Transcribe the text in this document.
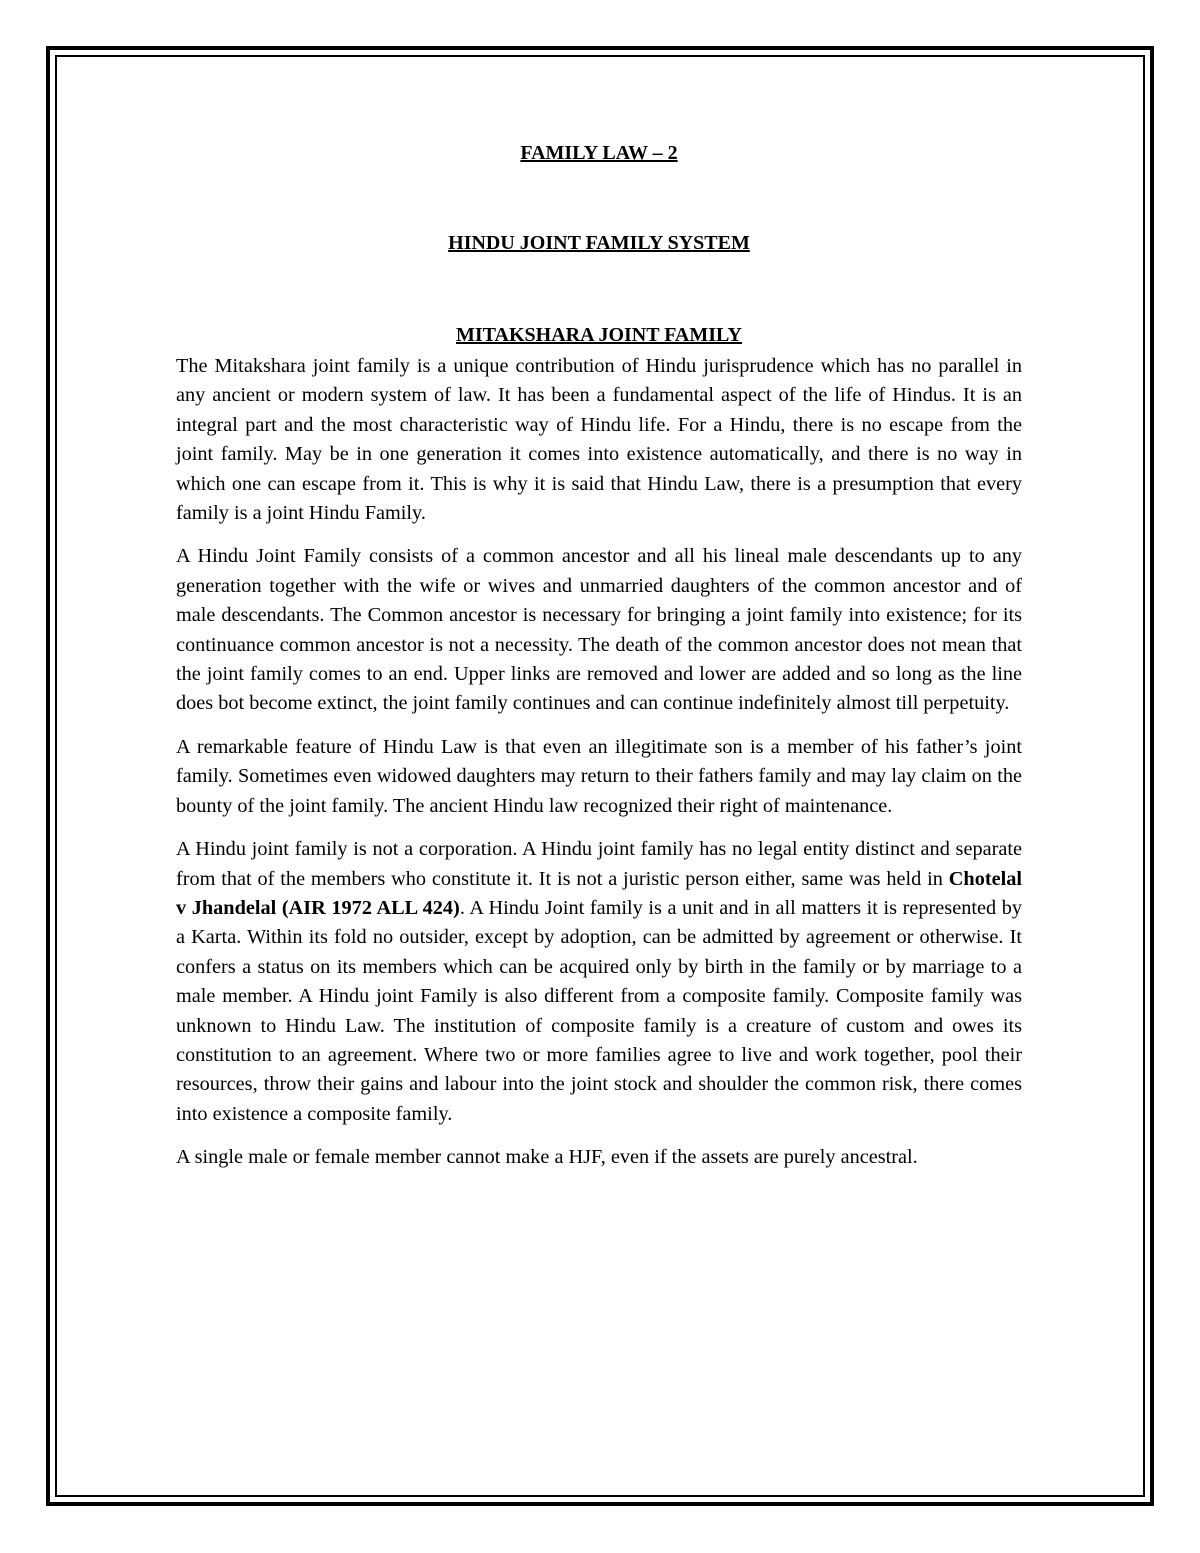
FAMILY LAW – 2

HINDU JOINT FAMILY SYSTEM

MITAKSHARA JOINT FAMILY

The Mitakshara joint family is a unique contribution of Hindu jurisprudence which has no parallel in any ancient or modern system of law. It has been a fundamental aspect of the life of Hindus. It is an integral part and the most characteristic way of Hindu life. For a Hindu, there is no escape from the joint family. May be in one generation it comes into existence automatically, and there is no way in which one can escape from it. This is why it is said that Hindu Law, there is a presumption that every family is a joint Hindu Family.

A Hindu Joint Family consists of a common ancestor and all his lineal male descendants up to any generation together with the wife or wives and unmarried daughters of the common ancestor and of male descendants. The Common ancestor is necessary for bringing a joint family into existence; for its continuance common ancestor is not a necessity. The death of the common ancestor does not mean that the joint family comes to an end. Upper links are removed and lower are added and so long as the line does bot become extinct, the joint family continues and can continue indefinitely almost till perpetuity.

A remarkable feature of Hindu Law is that even an illegitimate son is a member of his father’s joint family. Sometimes even widowed daughters may return to their fathers family and may lay claim on the bounty of the joint family. The ancient Hindu law recognized their right of maintenance.

A Hindu joint family is not a corporation. A Hindu joint family has no legal entity distinct and separate from that of the members who constitute it. It is not a juristic person either, same was held in Chotelal v Jhandelal (AIR 1972 ALL 424). A Hindu Joint family is a unit and in all matters it is represented by a Karta. Within its fold no outsider, except by adoption, can be admitted by agreement or otherwise. It confers a status on its members which can be acquired only by birth in the family or by marriage to a male member. A Hindu joint Family is also different from a composite family. Composite family was unknown to Hindu Law. The institution of composite family is a creature of custom and owes its constitution to an agreement. Where two or more families agree to live and work together, pool their resources, throw their gains and labour into the joint stock and shoulder the common risk, there comes into existence a composite family.

A single male or female member cannot make a HJF, even if the assets are purely ancestral.
